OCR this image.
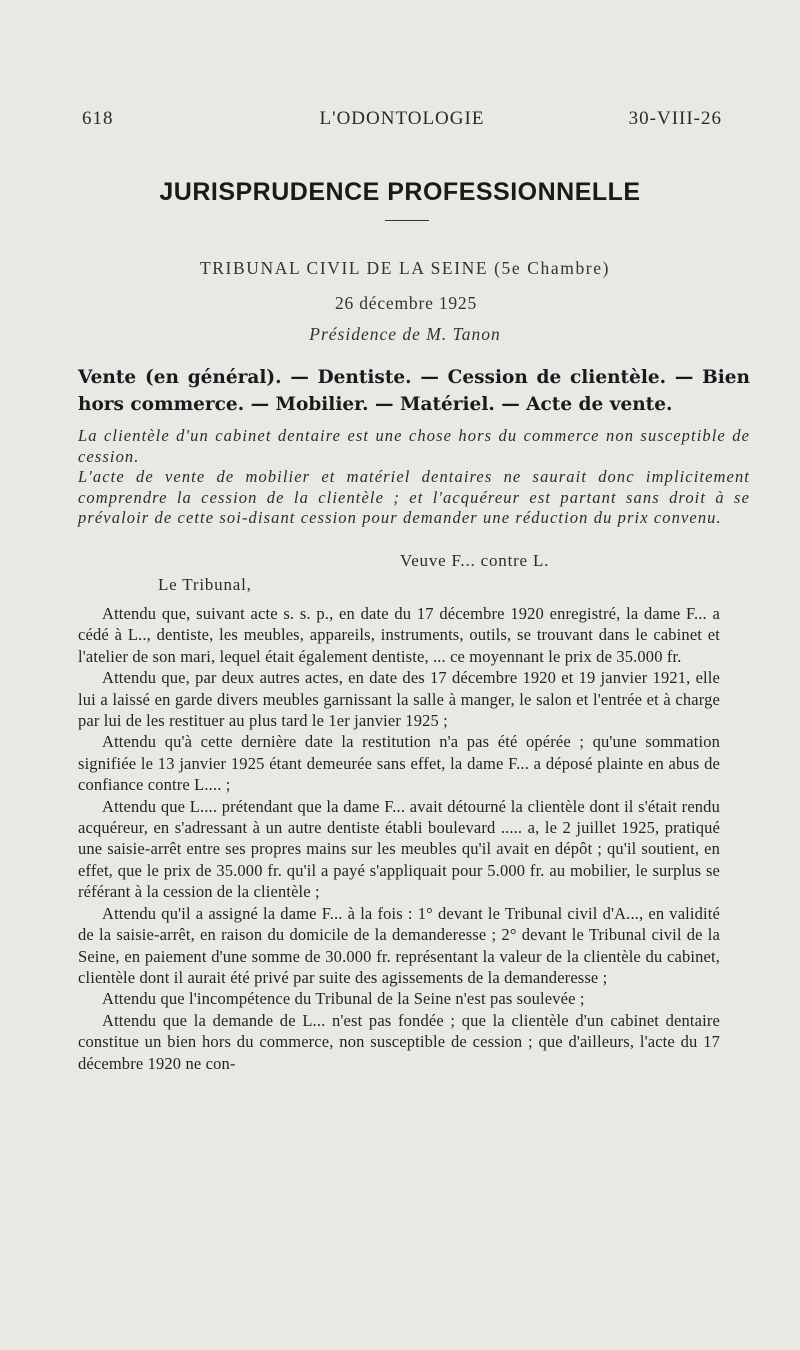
618	L'ODONTOLOGIE	30-VIII-26
JURISPRUDENCE PROFESSIONNELLE
TRIBUNAL CIVIL DE LA SEINE (5e Chambre)
26 décembre 1925
Présidence de M. Tanon

Vente (en général). — Dentiste. — Cession de clientèle. — Bien hors commerce. — Mobilier. — Matériel. — Acte de vente.

La clientèle d'un cabinet dentaire est une chose hors du commerce non susceptible de cession.

L'acte de vente de mobilier et matériel dentaires ne saurait donc implicitement comprendre la cession de la clientèle ; et l'acquéreur est partant sans droit à se prévaloir de cette soi-disant cession pour demander une réduction du prix convenu.

Veuve F... contre L.
Le Tribunal,

Attendu que, suivant acte s. s. p., en date du 17 décembre 1920 enregistré, la dame F... a cédé à L.., dentiste, les meubles, appareils, instruments, outils, se trouvant dans le cabinet et l'atelier de son mari, lequel était également dentiste, ... ce moyennant le prix de 35.000 fr.

Attendu que, par deux autres actes, en date des 17 décembre 1920 et 19 janvier 1921, elle lui a laissé en garde divers meubles garnissant la salle à manger, le salon et l'entrée et à charge par lui de les restituer au plus tard le 1er janvier 1925 ;

Attendu qu'à cette dernière date la restitution n'a pas été opérée ; qu'une sommation signifiée le 13 janvier 1925 étant demeurée sans effet, la dame F... a déposé plainte en abus de confiance contre L.... ;

Attendu que L.... prétendant que la dame F... avait détourné la clientèle dont il s'était rendu acquéreur, en s'adressant à un autre dentiste établi boulevard ..... a, le 2 juillet 1925, pratiqué une saisie-arrêt entre ses propres mains sur les meubles qu'il avait en dépôt ; qu'il soutient, en effet, que le prix de 35.000 fr. qu'il a payé s'appliquait pour 5.000 fr. au mobilier, le surplus se référant à la cession de la clientèle ;

Attendu qu'il a assigné la dame F... à la fois : 1° devant le Tribunal civil d'A..., en validité de la saisie-arrêt, en raison du domicile de la demanderesse ; 2° devant le Tribunal civil de la Seine, en paiement d'une somme de 30.000 fr. représentant la valeur de la clientèle du cabinet, clientèle dont il aurait été privé par suite des agissements de la demanderesse ;

Attendu que l'incompétence du Tribunal de la Seine n'est pas soulevée ;

Attendu que la demande de L... n'est pas fondée ; que la clientèle d'un cabinet dentaire constitue un bien hors du commerce, non susceptible de cession ; que d'ailleurs, l'acte du 17 décembre 1920 ne con-
